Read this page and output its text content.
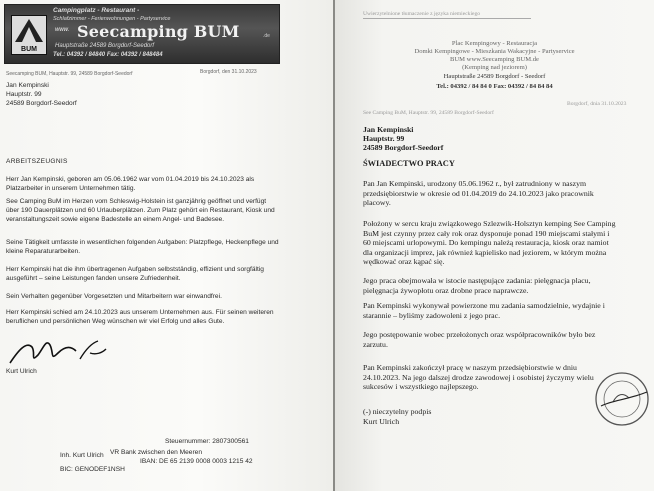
BUM
Campingplatz - Restaurant -
Schlafzimmer - Ferienwohnungen - Partyservice
www. Seecamping BUM	.de
Hauptstraße 24589 Borgdorf-Seedorf
Tel.: 04392 / 84840 Fax: 04392 / 848484
Seecamping BUM, Hauptstr. 99, 24589 Borgdorf-Seedorf	Borgdorf, den 31.10.2023
Jan Kempinski
Hauptstr. 99
24589 Borgdorf-Seedorf
ARBEITSZEUGNIS
Herr Jan Kempinski, geboren am 05.06.1962 war vom 01.04.2019 bis 24.10.2023 als
Platzarbeiter in unserem Unternehmen tätig.
See Camping BuM im Herzen vom Schleswig-Holstein ist ganzjährig geöffnet und verfügt
über 190 Dauerplätzen und 60 Urlauberplätzen. Zum Platz gehört ein Restaurant, Kiosk und
veranstaltungszeit sowie eigene Badestelle an einem Angel- und Badesee.
Seine Tätigkeit umfasste in wesentlichen folgenden Aufgaben: Platzpflege, Heckenpflege und
kleine Reparaturarbeiten.
Herr Kempinski hat die ihm übertragenen Aufgaben selbstständig, effizient und sorgfältig
ausgeführt – seine Leistungen fanden unsere Zufriedenheit.
Sein Verhalten gegenüber Vorgesetzten und Mitarbeitern war einwandfrei.
Herr Kempinski schied am 24.10.2023 aus unserem Unternehmen aus. Für seinen weiteren
beruflichen und persönlichen Weg wünschen wir viel Erfolg und alles Gute.
Kurt Ulrich
Steuernummer: 2807300561
Inh. Kurt Ulrich VR Bank zwischen den Meeren
IBAN: DE 65 2139 0008 0003 1215 42
BIC: GENODEF1NSH
Uwierzytelnione tłumaczenie z języka niemieckiego
Plac Kempingowy - Restauracja
Domki Kempingowe - Mieszkania Wakacyjne - Partyservice
BUM www.Seecamping BUM.de
(Kemping nad jeziorem)
Hauptstraße 24589 Borgdorf - Seedorf
Tel.: 04392 / 84 84 0 Fax: 04392 / 84 84 84
See Camping BuM, Hauptstr. 99, 24589 Borgdorf-Seedorf
Borgdorf, dnia 31.10.2023
Jan Kempinski
Hauptstr. 99
24589 Borgdorf-Seedorf
ŚWIADECTWO PRACY
Pan Jan Kempinski, urodzony 05.06.1962 r., był zatrudniony w naszym
przedsiębiorstwie w okresie od 01.04.2019 do 24.10.2023 jako pracownik
placowy.
Położony w sercu kraju związkowego Szlezwik-Holsztyn kemping See Camping
BuM jest czynny przez cały rok oraz dysponuje ponad 190 miejscami stałymi i
60 miejscami urlopowymi. Do kempingu należą restauracja, kiosk oraz namiot
dla organizacji imprez, jak również kąpielisko nad jeziorem, w którym można
wędkować oraz kąpać się.
Jego praca obejmowała w istocie następujące zadania: pielęgnacja placu,
pielęgnacja żywopłotu oraz drobne prace naprawcze.
Pan Kempinski wykonywał powierzone mu zadania samodzielnie, wydajnie i
starannie – byliśmy zadowoleni z jego prac.
Jego postępowanie wobec przełożonych oraz współpracowników było bez
zarzutu.
Pan Kempinski zakończył pracę w naszym przedsiębiorstwie w dniu
24.10.2023. Na jego dalszej drodze zawodowej i osobistej życzymy wielu
sukcesów i wszystkiego najlepszego.
(-) nieczytelny podpis
Kurt Ulrich
